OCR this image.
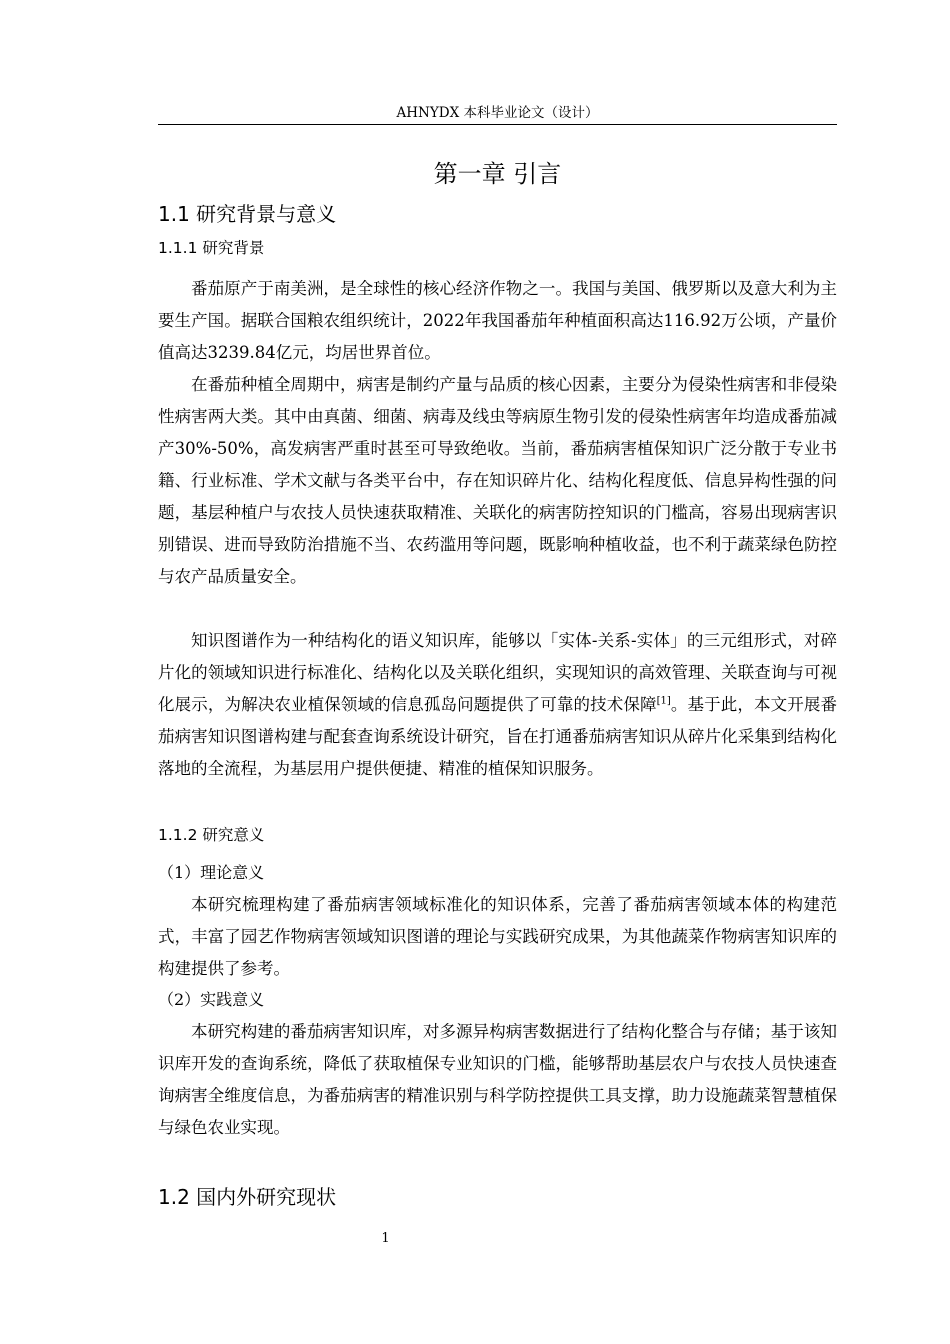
AHNYDX 本科毕业论文（设计）
第一章 引言
1.1 研究背景与意义
1.1.1 研究背景

番茄原产于南美洲，是全球性的核心经济作物之一。我国与美国、俄罗斯以及意大利为主要生产国。据联合国粮农组织统计，2022年我国番茄年种植面积高达116.92万公顷，产量价值高达3239.84亿元，均居世界首位。

在番茄种植全周期中，病害是制约产量与品质的核心因素，主要分为侵染性病害和非侵染性病害两大类。其中由真菌、细菌、病毒及线虫等病原生物引发的侵染性病害年均造成番茄减产30%-50%，高发病害严重时甚至可导致绝收。当前，番茄病害植保知识广泛分散于专业书籍、行业标准、学术文献与各类平台中，存在知识碎片化、结构化程度低、信息异构性强的问题，基层种植户与农技人员快速获取精准、关联化的病害防控知识的门槛高，容易出现病害识别错误、进而导致防治措施不当、农药滥用等问题，既影响种植收益，也不利于蔬菜绿色防控与农产品质量安全。

知识图谱作为一种结构化的语义知识库，能够以「实体-关系-实体」的三元组形式，对碎片化的领域知识进行标准化、结构化以及关联化组织，实现知识的高效管理、关联查询与可视化展示，为解决农业植保领域的信息孤岛问题提供了可靠的技术保障[1]。基于此，本文开展番茄病害知识图谱构建与配套查询系统设计研究，旨在打通番茄病害知识从碎片化采集到结构化落地的全流程，为基层用户提供便捷、精准的植保知识服务。

1.1.2 研究意义
（1）理论意义

本研究梳理构建了番茄病害领域标准化的知识体系，完善了番茄病害领域本体的构建范式，丰富了园艺作物病害领域知识图谱的理论与实践研究成果，为其他蔬菜作物病害知识库的构建提供了参考。

（2）实践意义

本研究构建的番茄病害知识库，对多源异构病害数据进行了结构化整合与存储；基于该知识库开发的查询系统，降低了获取植保专业知识的门槛，能够帮助基层农户与农技人员快速查询病害全维度信息，为番茄病害的精准识别与科学防控提供工具支撑，助力设施蔬菜智慧植保与绿色农业实现。

1.2 国内外研究现状
1
